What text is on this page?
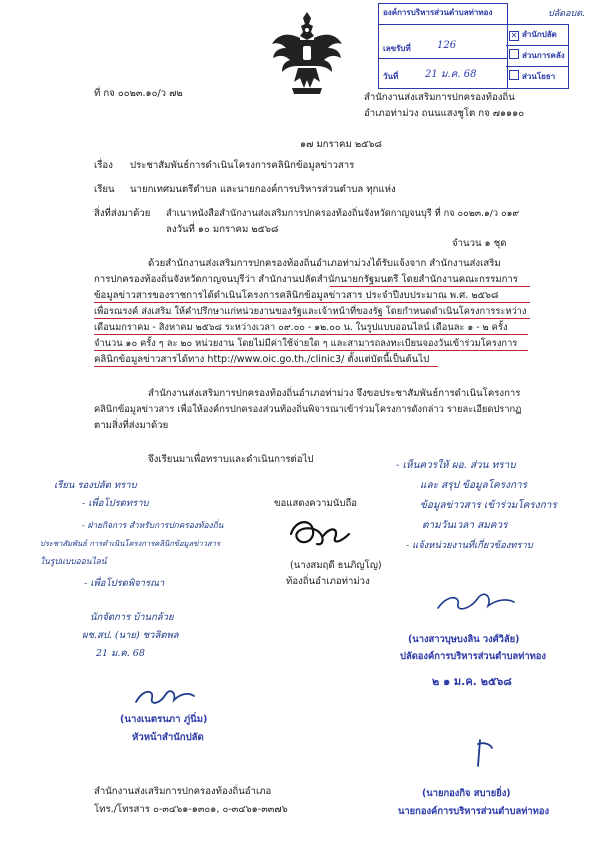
องค์การบริหารส่วนตำบลท่าทอง
เลขรับที่	126
วันที่	21 ม.ค. 68
✕ สำนักปลัด
ส่วนการคลัง
ส่วนโยธา
ปลัดอบต.
ที่ กจ ๐๐๒๓.๑๐/ว ๗๒	สำนักงานส่งเสริมการปกครองท้องถิ่น
อำเภอท่าม่วง ถนนแสงชูโต กจ ๗๑๑๑๐
๑๗ มกราคม ๒๕๖๘
เรื่อง ประชาสัมพันธ์การดำเนินโครงการคลินิกข้อมูลข่าวสาร
เรียน นายกเทศมนตรีตำบล และนายกองค์การบริหารส่วนตำบล ทุกแห่ง
สิ่งที่ส่งมาด้วย สำเนาหนังสือสำนักงานส่งเสริมการปกครองท้องถิ่นจังหวัดกาญจนบุรี ที่ กจ ๐๐๒๓.๑/ว ๐๑๙
ลงวันที่ ๑๐ มกราคม ๒๕๖๘
จำนวน ๑ ชุด
ด้วยสำนักงานส่งเสริมการปกครองท้องถิ่นอำเภอท่าม่วงได้รับแจ้งจาก สำนักงานส่งเสริม
การปกครองท้องถิ่นจังหวัดกาญจนบุรีว่า สำนักงานปลัดสำนักนายกรัฐมนตรี โดยสำนักงานคณะกรรมการ
ข้อมูลข่าวสารของราชการได้ดำเนินโครงการคลินิกข้อมูลข่าวสาร ประจำปีงบประมาณ พ.ศ. ๒๕๖๘
เพื่อรณรงค์ ส่งเสริม ให้คำปรึกษาแก่หน่วยงานของรัฐและเจ้าหน้าที่ของรัฐ โดยกำหนดดำเนินโครงการระหว่าง
เดือนมกราคม - สิงหาคม ๒๕๖๘ ระหว่างเวลา ๐๙.๐๐ - ๑๒.๐๐ น. ในรูปแบบออนไลน์ เดือนละ ๑ - ๒ ครั้ง
จำนวน ๑๐ ครั้ง ๆ ละ ๒๐ หน่วยงาน โดยไม่มีค่าใช้จ่ายใด ๆ และสามารถลงทะเบียนจองวันเข้าร่วมโครงการ
คลินิกข้อมูลข่าวสารได้ทาง http://www.oic.go.th./clinic3/ ตั้งแต่บัดนี้เป็นต้นไป
สำนักงานส่งเสริมการปกครองท้องถิ่นอำเภอท่าม่วง จึงขอประชาสัมพันธ์การดำเนินโครงการ
คลินิกข้อมูลข่าวสาร เพื่อให้องค์กรปกครองส่วนท้องถิ่นพิจารณาเข้าร่วมโครงการดังกล่าว รายละเอียดปรากฏ
ตามสิ่งที่ส่งมาด้วย
จึงเรียนมาเพื่อทราบและดำเนินการต่อไป
ขอแสดงความนับถือ
(นางสมฤดี ธนภิญโญ)
ท้องถิ่นอำเภอท่าม่วง
เรียน รองปลัด ทราบ
- เพื่อโปรดทราบ
- ฝ่ายกิจการ สำหรับการปกครองท้องถิ่น
ประชาสัมพันธ์ การดำเนินโครงการคลินิกข้อมูลข่าวสาร
ในรูปแบบออนไลน์
- เพื่อโปรดพิจารณา
นักจัดการ บ้านกล้วย
ผช.สป. (นาย) ชวลิตพล
21 ม.ค. 68
- เห็นควรให้ ผอ. ส่วน ทราบ
และ สรุป ข้อมูลโครงการ
ข้อมูลข่าวสาร เข้าร่วมโครงการ
ตามวันเวลา สมควร
- แจ้งหน่วยงานที่เกี่ยวข้องทราบ
(นางเนตรนภา ภู่นิ่ม)
หัวหน้าสำนักปลัด
(นางสาวบุษบงลิน วงศ์วิลัย)
ปลัดองค์การบริหารส่วนตำบลท่าทอง
๒ ๑ ม.ค. ๒๕๖๘
(นายกองกิจ สบายยิ่ง)
นายกองค์การบริหารส่วนตำบลท่าทอง
สำนักงานส่งเสริมการปกครองท้องถิ่นอำเภอ
โทร./โทรสาร ๐-๓๔๖๑-๑๓๐๑, ๐-๓๔๖๑-๓๓๗๖
